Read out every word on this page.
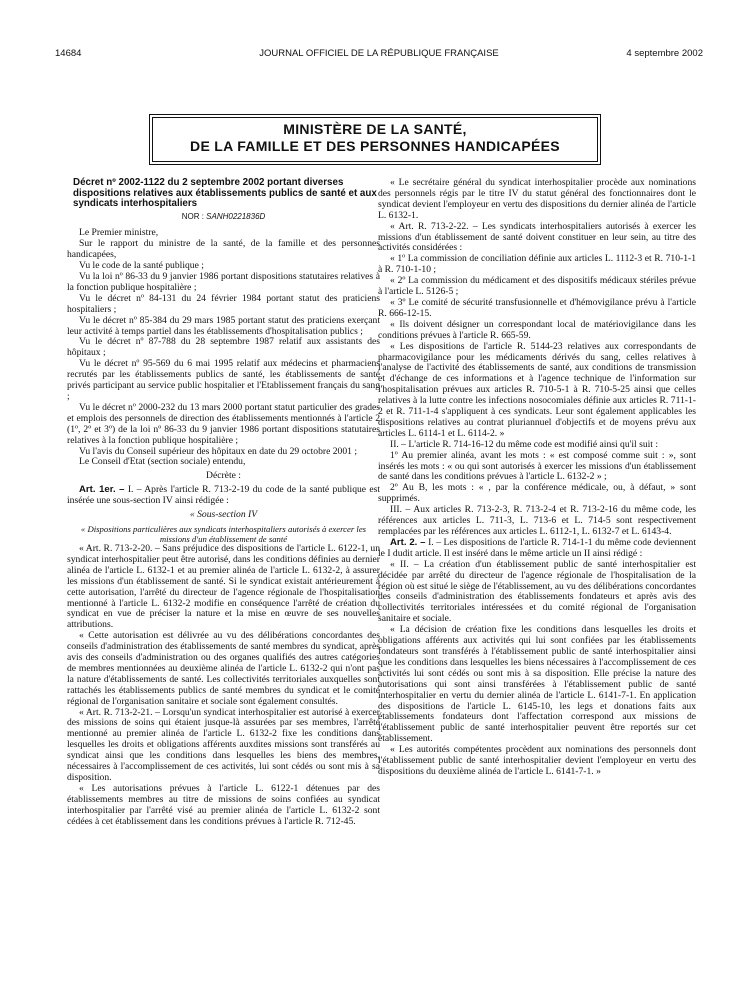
14684	JOURNAL OFFICIEL DE LA RÉPUBLIQUE FRANÇAISE	4 septembre 2002
MINISTÈRE DE LA SANTÉ,
DE LA FAMILLE ET DES PERSONNES HANDICAPÉES
Décret nº 2002-1122 du 2 septembre 2002 portant diverses dispositions relatives aux établissements publics de santé et aux syndicats interhospitaliers
NOR : SANH0221836D

Le Premier ministre,

Sur le rapport du ministre de la santé, de la famille et des personnes handicapées,

Vu le code de la santé publique ;

Vu la loi nº 86-33 du 9 janvier 1986 portant dispositions statutaires relatives à la fonction publique hospitalière ;

Vu le décret nº 84-131 du 24 février 1984 portant statut des praticiens hospitaliers ;

Vu le décret nº 85-384 du 29 mars 1985 portant statut des praticiens exerçant leur activité à temps partiel dans les établissements d'hospitalisation publics ;

Vu le décret nº 87-788 du 28 septembre 1987 relatif aux assistants des hôpitaux ;

Vu le décret nº 95-569 du 6 mai 1995 relatif aux médecins et pharmaciens recrutés par les établissements publics de santé, les établissements de santé privés participant au service public hospitalier et l'Etablissement français du sang ;

Vu le décret nº 2000-232 du 13 mars 2000 portant statut particulier des grades et emplois des personnels de direction des établissements mentionnés à l'article 2 (1º, 2º et 3º) de la loi nº 86-33 du 9 janvier 1986 portant dispositions statutaires relatives à la fonction publique hospitalière ;

Vu l'avis du Conseil supérieur des hôpitaux en date du 29 octobre 2001 ;

Le Conseil d'Etat (section sociale) entendu,

Décrète :

Art. 1er. – I. – Après l'article R. 713-2-19 du code de la santé publique est insérée une sous-section IV ainsi rédigée :

« Sous-section IV

« Dispositions particulières aux syndicats interhospitaliers autorisés à exercer les missions d'un établissement de santé

« Art. R. 713-2-20. – Sans préjudice des dispositions de l'article L. 6122-1, un syndicat interhospitalier peut être autorisé, dans les conditions définies au dernier alinéa de l'article L. 6132-1 et au premier alinéa de l'article L. 6132-2, à assurer les missions d'un établissement de santé. Si le syndicat existait antérieurement à cette autorisation, l'arrêté du directeur de l'agence régionale de l'hospitalisation mentionné à l'article L. 6132-2 modifie en conséquence l'arrêté de création du syndicat en vue de préciser la nature et la mise en œuvre de ses nouvelles attributions.

« Cette autorisation est délivrée au vu des délibérations concordantes des conseils d'administration des établissements de santé membres du syndicat, après avis des conseils d'administration ou des organes qualifiés des autres catégories de membres mentionnées au deuxième alinéa de l'article L. 6132-2 qui n'ont pas la nature d'établissements de santé. Les collectivités territoriales auxquelles sont rattachés les établissements publics de santé membres du syndicat et le comité régional de l'organisation sanitaire et sociale sont également consultés.

« Art. R. 713-2-21. – Lorsqu'un syndicat interhospitalier est autorisé à exercer des missions de soins qui étaient jusque-là assurées par ses membres, l'arrêté mentionné au premier alinéa de l'article L. 6132-2 fixe les conditions dans lesquelles les droits et obligations afférents auxdites missions sont transférés au syndicat ainsi que les conditions dans lesquelles les biens des membres, nécessaires à l'accomplissement de ces activités, lui sont cédés ou sont mis à sa disposition.

« Les autorisations prévues à l'article L. 6122-1 détenues par des établissements membres au titre de missions de soins confiées au syndicat interhospitalier par l'arrêté visé au premier alinéa de l'article L. 6132-2 sont cédées à cet établissement dans les conditions prévues à l'article R. 712-45.

« Le secrétaire général du syndicat interhospitalier procède aux nominations des personnels régis par le titre IV du statut général des fonctionnaires dont le syndicat devient l'employeur en vertu des dispositions du dernier alinéa de l'article L. 6132-1.

« Art. R. 713-2-22. – Les syndicats interhospitaliers autorisés à exercer les missions d'un établissement de santé doivent constituer en leur sein, au titre des activités considérées :

« 1º La commission de conciliation définie aux articles L. 1112-3 et R. 710-1-1 à R. 710-1-10 ;

« 2º La commission du médicament et des dispositifs médicaux stériles prévue à l'article L. 5126-5 ;

« 3º Le comité de sécurité transfusionnelle et d'hémovigilance prévu à l'article R. 666-12-15.

« Ils doivent désigner un correspondant local de matériovigilance dans les conditions prévues à l'article R. 665-59.

« Les dispositions de l'article R. 5144-23 relatives aux correspondants de pharmacovigilance pour les médicaments dérivés du sang, celles relatives à l'analyse de l'activité des établissements de santé, aux conditions de transmission et d'échange de ces informations et à l'agence technique de l'information sur l'hospitalisation prévues aux articles R. 710-5-1 à R. 710-5-25 ainsi que celles relatives à la lutte contre les infections nosocomiales définie aux articles R. 711-1-2 et R. 711-1-4 s'appliquent à ces syndicats. Leur sont également applicables les dispositions relatives au contrat pluriannuel d'objectifs et de moyens prévu aux articles L. 6114-1 et L. 6114-2. »

II. – L'article R. 714-16-12 du même code est modifié ainsi qu'il suit :

1º Au premier alinéa, avant les mots : « est composé comme suit : », sont insérés les mots : « ou qui sont autorisés à exercer les missions d'un établissement de santé dans les conditions prévues à l'article L. 6132-2 » ;

2º Au B, les mots : « , par la conférence médicale, ou, à défaut, » sont supprimés.

III. – Aux articles R. 713-2-3, R. 713-2-4 et R. 713-2-16 du même code, les références aux articles L. 711-3, L. 713-6 et L. 714-5 sont respectivement remplacées par les références aux articles L. 6112-1, L. 6132-7 et L. 6143-4.

Art. 2. – I. – Les dispositions de l'article R. 714-1-1 du même code deviennent le I dudit article. Il est inséré dans le même article un II ainsi rédigé :

« II. – La création d'un établissement public de santé interhospitalier est décidée par arrêté du directeur de l'agence régionale de l'hospitalisation de la région où est situé le siège de l'établissement, au vu des délibérations concordantes des conseils d'administration des établissements fondateurs et après avis des collectivités territoriales intéressées et du comité régional de l'organisation sanitaire et sociale.

« La décision de création fixe les conditions dans lesquelles les droits et obligations afférents aux activités qui lui sont confiées par les établissements fondateurs sont transférés à l'établissement public de santé interhospitalier ainsi que les conditions dans lesquelles les biens nécessaires à l'accomplissement de ces activités lui sont cédés ou sont mis à sa disposition. Elle précise la nature des autorisations qui sont ainsi transférées à l'établissement public de santé interhospitalier en vertu du dernier alinéa de l'article L. 6141-7-1. En application des dispositions de l'article L. 6145-10, les legs et donations faits aux établissements fondateurs dont l'affectation correspond aux missions de l'établissement public de santé interhospitalier peuvent être reportés sur cet établissement.

« Les autorités compétentes procèdent aux nominations des personnels dont l'établissement public de santé interhospitalier devient l'employeur en vertu des dispositions du deuxième alinéa de l'article L. 6141-7-1. »
